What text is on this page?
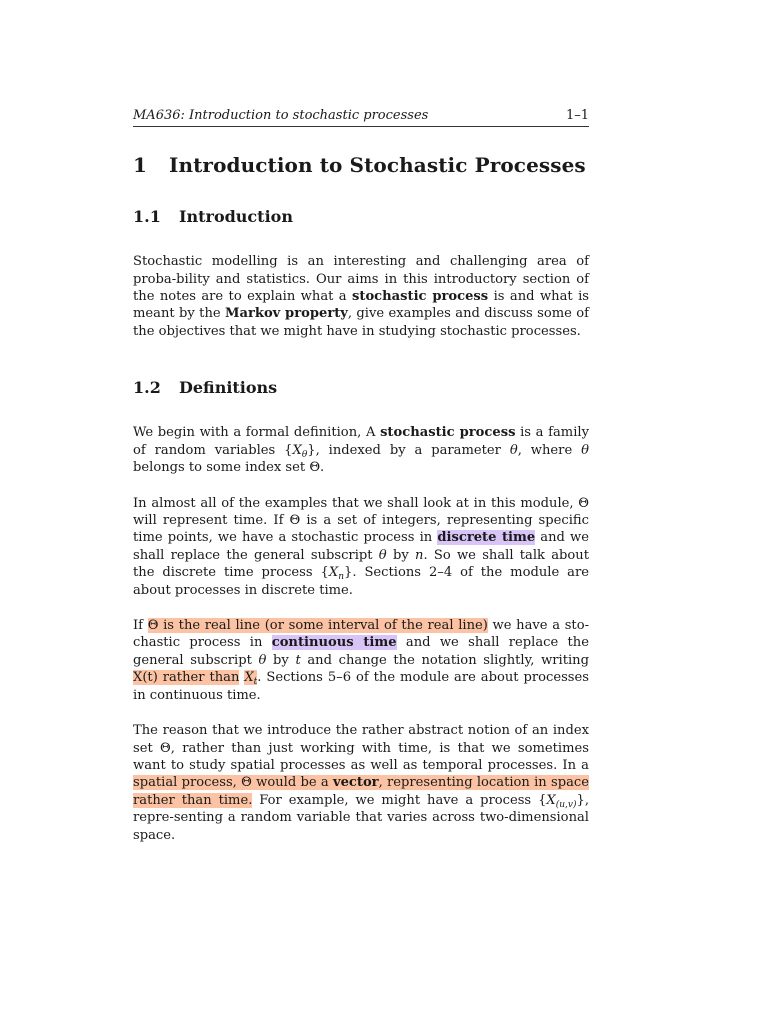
MA636: Introduction to stochastic processes	1–1
1 Introduction to Stochastic Processes
1.1 Introduction

Stochastic modelling is an interesting and challenging area of proba-bility and statistics. Our aims in this introductory section of the notes are to explain what a stochastic process is and what is meant by the Markov property, give examples and discuss some of the objectives that we might have in studying stochastic processes.

1.2 Definitions

We begin with a formal definition, A stochastic process is a family of random variables $\{X_\theta\}$, indexed by a parameter θ, where θ belongs to some index set Θ.

In almost all of the examples that we shall look at in this module, Θ will represent time. If Θ is a set of integers, representing specific time points, we have a stochastic process in discrete time and we shall replace the general subscript θ by n. So we shall talk about the discrete time process $\{X_n\}$. Sections 2–4 of the module are about processes in discrete time.

If Θ is the real line (or some interval of the real line) we have a sto-chastic process in continuous time and we shall replace the general subscript θ by t and change the notation slightly, writing X(t) rather than $X_t$. Sections 5–6 of the module are about processes in continuous time.

The reason that we introduce the rather abstract notion of an index set Θ, rather than just working with time, is that we sometimes want to study spatial processes as well as temporal processes. In a spatial process, Θ would be a vector, representing location in space rather than time. For example, we might have a process $\{X_{(u,v)}\}$, repre-senting a random variable that varies across two-dimensional space.
